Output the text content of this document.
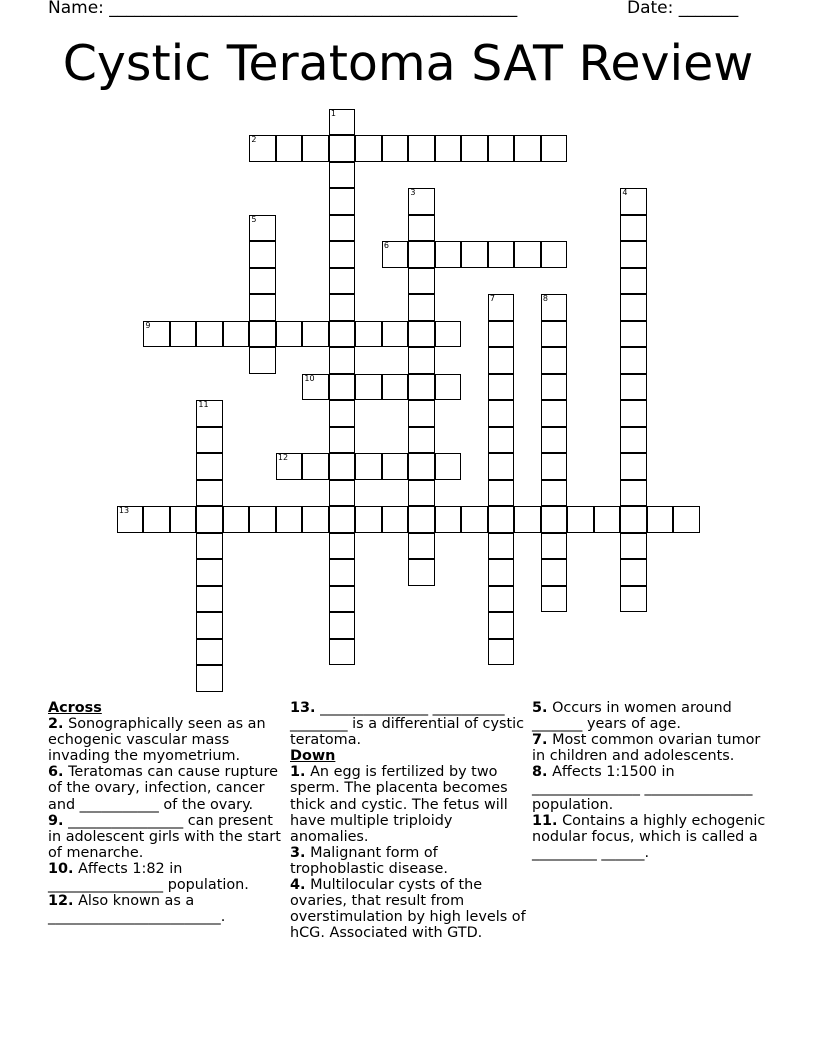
Name: ________________________________________________	Date: _______
Cystic Teratoma SAT Review
1
2
3	4
5
6
7	8
9
10
11
12
13
Across
2. Sonographically seen as an echogenic vascular mass invading the myometrium.
6. Teratomas can cause rupture of the ovary, infection, cancer and ___________ of the ovary.
9. ________________ can present in adolescent girls with the start of menarche.
10. Affects 1:82 in ________________ population.
12. Also known as a ________________________.
13. _______________ __________ ________ is a differential of cystic teratoma.
Down
1. An egg is fertilized by two sperm. The placenta becomes thick and cystic. The fetus will have multiple triploidy anomalies.
3. Malignant form of trophoblastic disease.
4. Multilocular cysts of the ovaries, that result from overstimulation by high levels of hCG. Associated with GTD.
5. Occurs in women around _______ years of age.
7. Most common ovarian tumor in children and adolescents.
8. Affects 1:1500 in _______________ _______________ population.
11. Contains a highly echogenic nodular focus, which is called a _________ ______.
